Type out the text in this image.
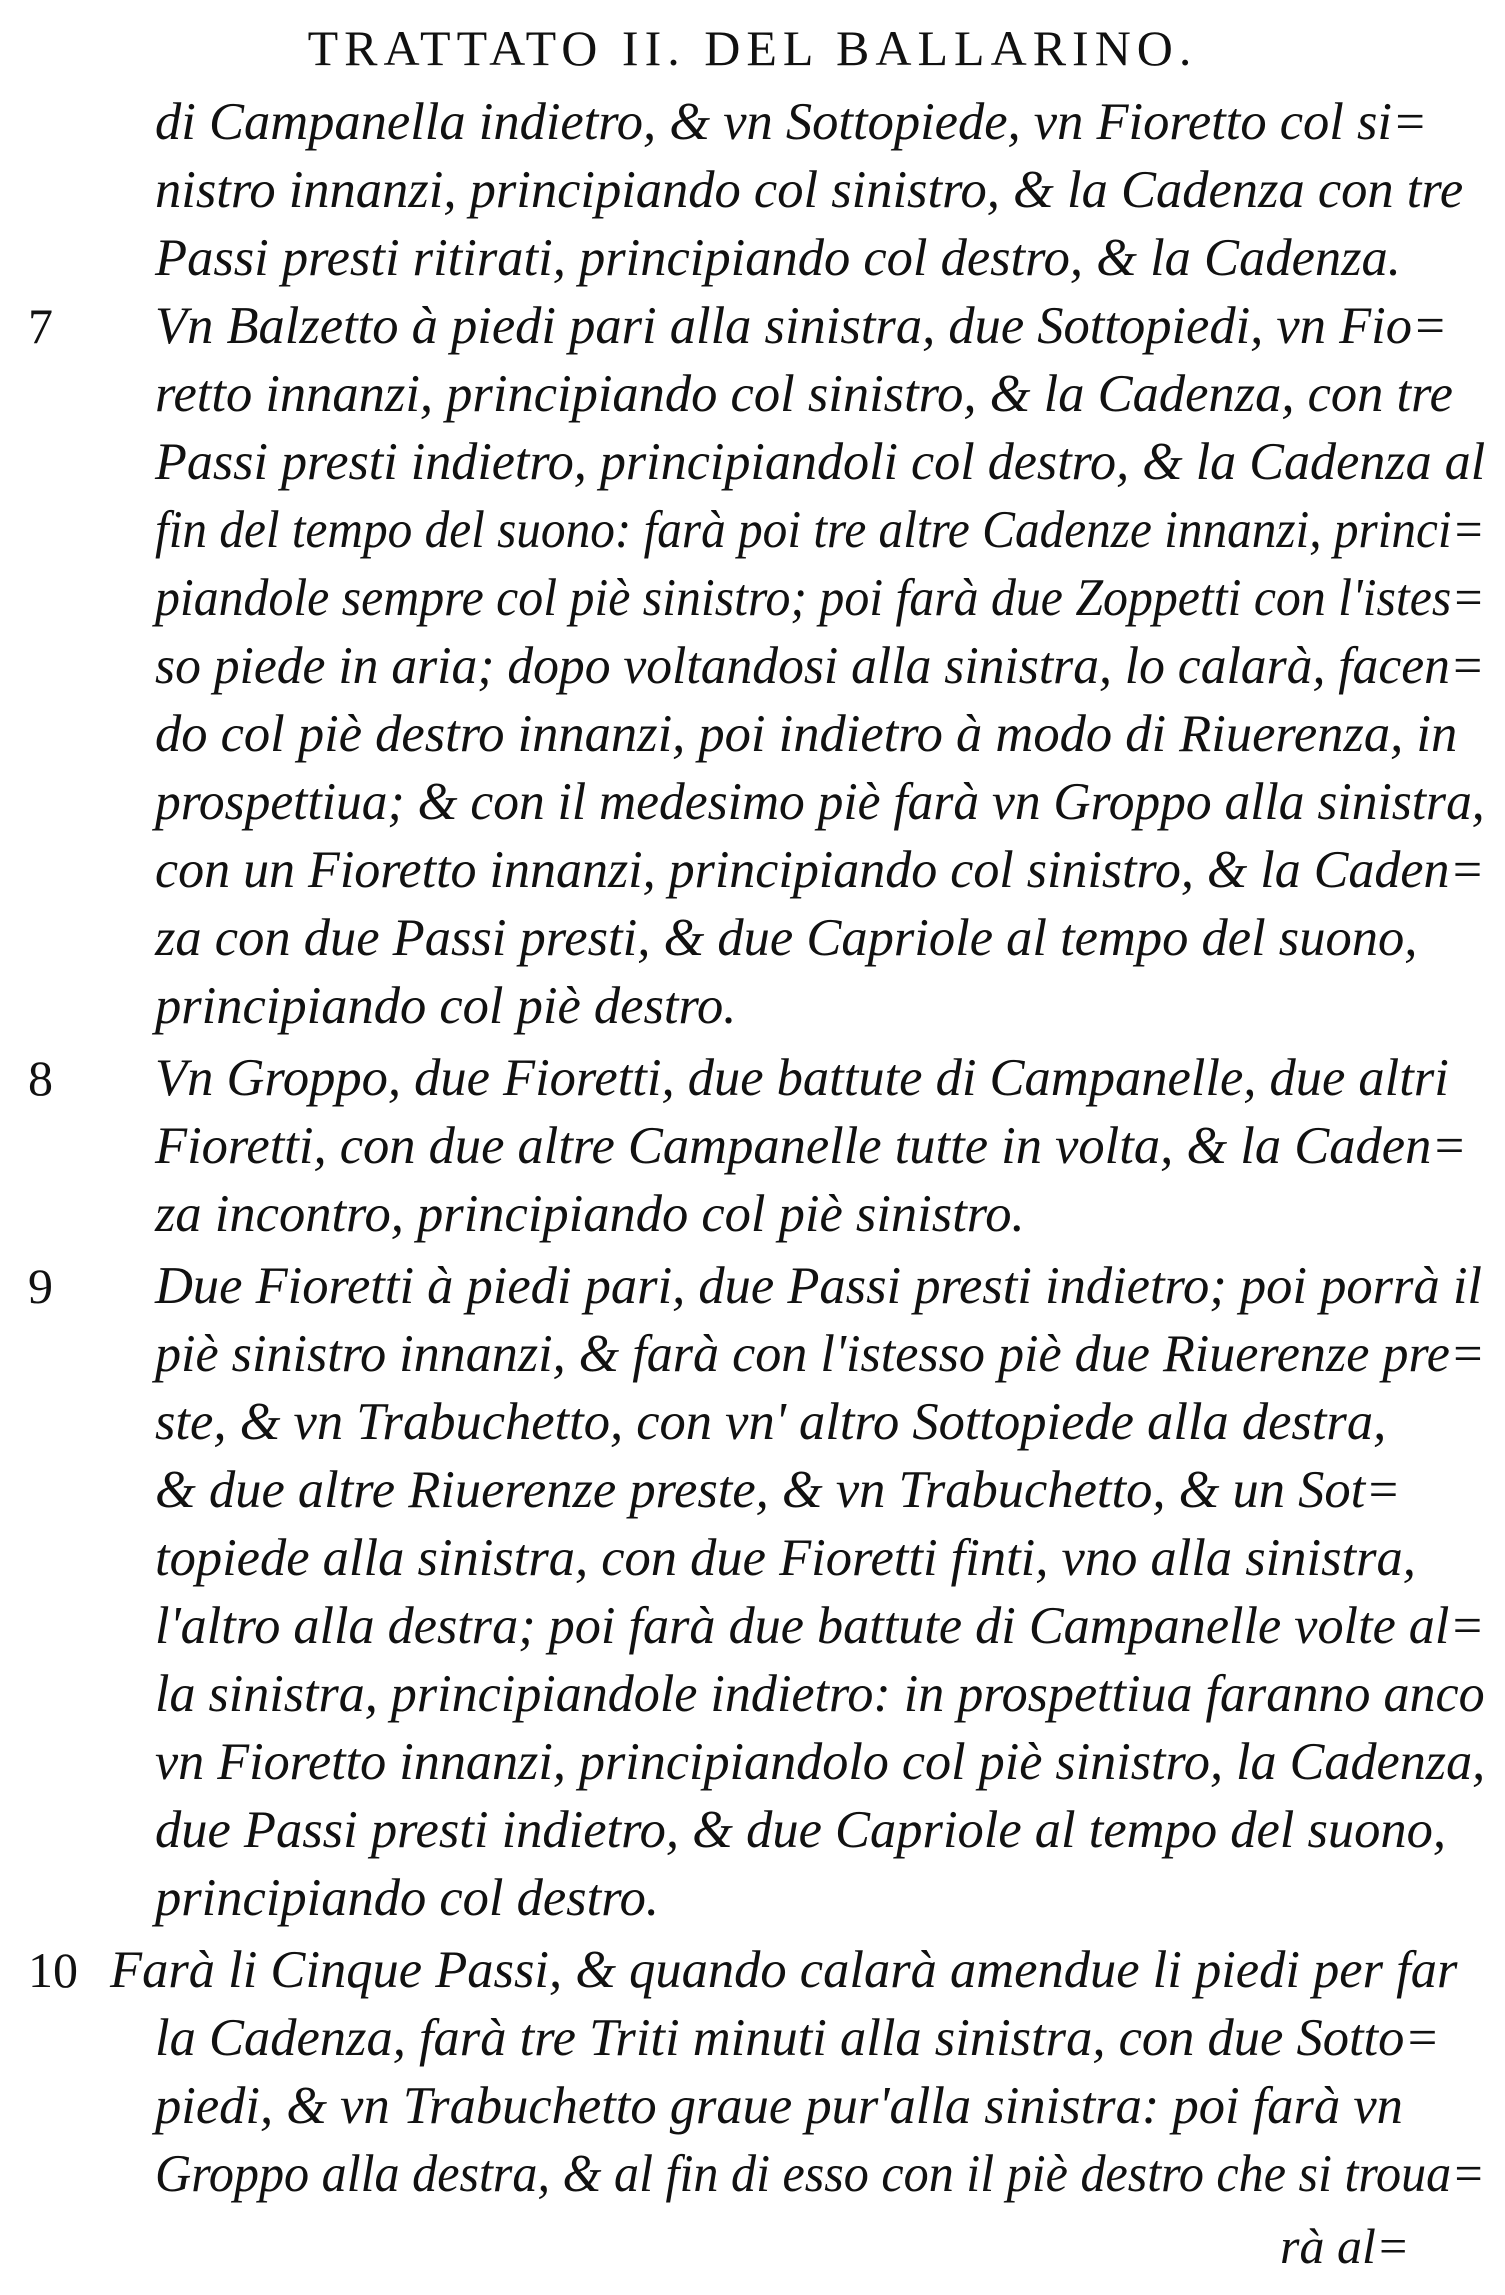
TRATTATO II. DEL BALLARINO.
di Campanella indietro, & vn Sottopiede, vn Fioretto col si=
nistro innanzi, principiando col sinistro, & la Cadenza con tre
Passi presti ritirati, principiando col destro, & la Cadenza.
7 Vn Balzetto à piedi pari alla sinistra, due Sottopiedi, vn Fio=
retto innanzi, principiando col sinistro, & la Cadenza, con tre
Passi presti indietro, principiandoli col destro, & la Cadenza al
fin del tempo del suono: farà poi tre altre Cadenze innanzi, princi=
piandole sempre col piè sinistro; poi farà due Zoppetti con l'istes=
so piede in aria; dopo voltandosi alla sinistra, lo calarà, facen=
do col piè destro innanzi, poi indietro à modo di Riuerenza, in
prospettiua; & con il medesimo piè farà vn Groppo alla sinistra,
con un Fioretto innanzi, principiando col sinistro, & la Caden=
za con due Passi presti, & due Capriole al tempo del suono,
principiando col piè destro.
8 Vn Groppo, due Fioretti, due battute di Campanelle, due altri
Fioretti, con due altre Campanelle tutte in volta, & la Caden=
za incontro, principiando col piè sinistro.
9 Due Fioretti à piedi pari, due Passi presti indietro; poi porrà il
piè sinistro innanzi, & farà con l'istesso piè due Riuerenze pre=
ste, & vn Trabuchetto, con vn' altro Sottopiede alla destra,
& due altre Riuerenze preste, & vn Trabuchetto, & un Sot=
topiede alla sinistra, con due Fioretti finti, vno alla sinistra,
l'altro alla destra; poi farà due battute di Campanelle volte al=
la sinistra, principiandole indietro: in prospettiua faranno anco
vn Fioretto innanzi, principiandolo col piè sinistro, la Cadenza,
due Passi presti indietro, & due Capriole al tempo del suono,
principiando col destro.
10 Farà li Cinque Passi, & quando calarà amendue li piedi per far
la Cadenza, farà tre Triti minuti alla sinistra, con due Sotto=
piedi, & vn Trabuchetto graue pur'alla sinistra: poi farà vn
Groppo alla destra, & al fin di esso con il piè destro che si troua=
rà al=
